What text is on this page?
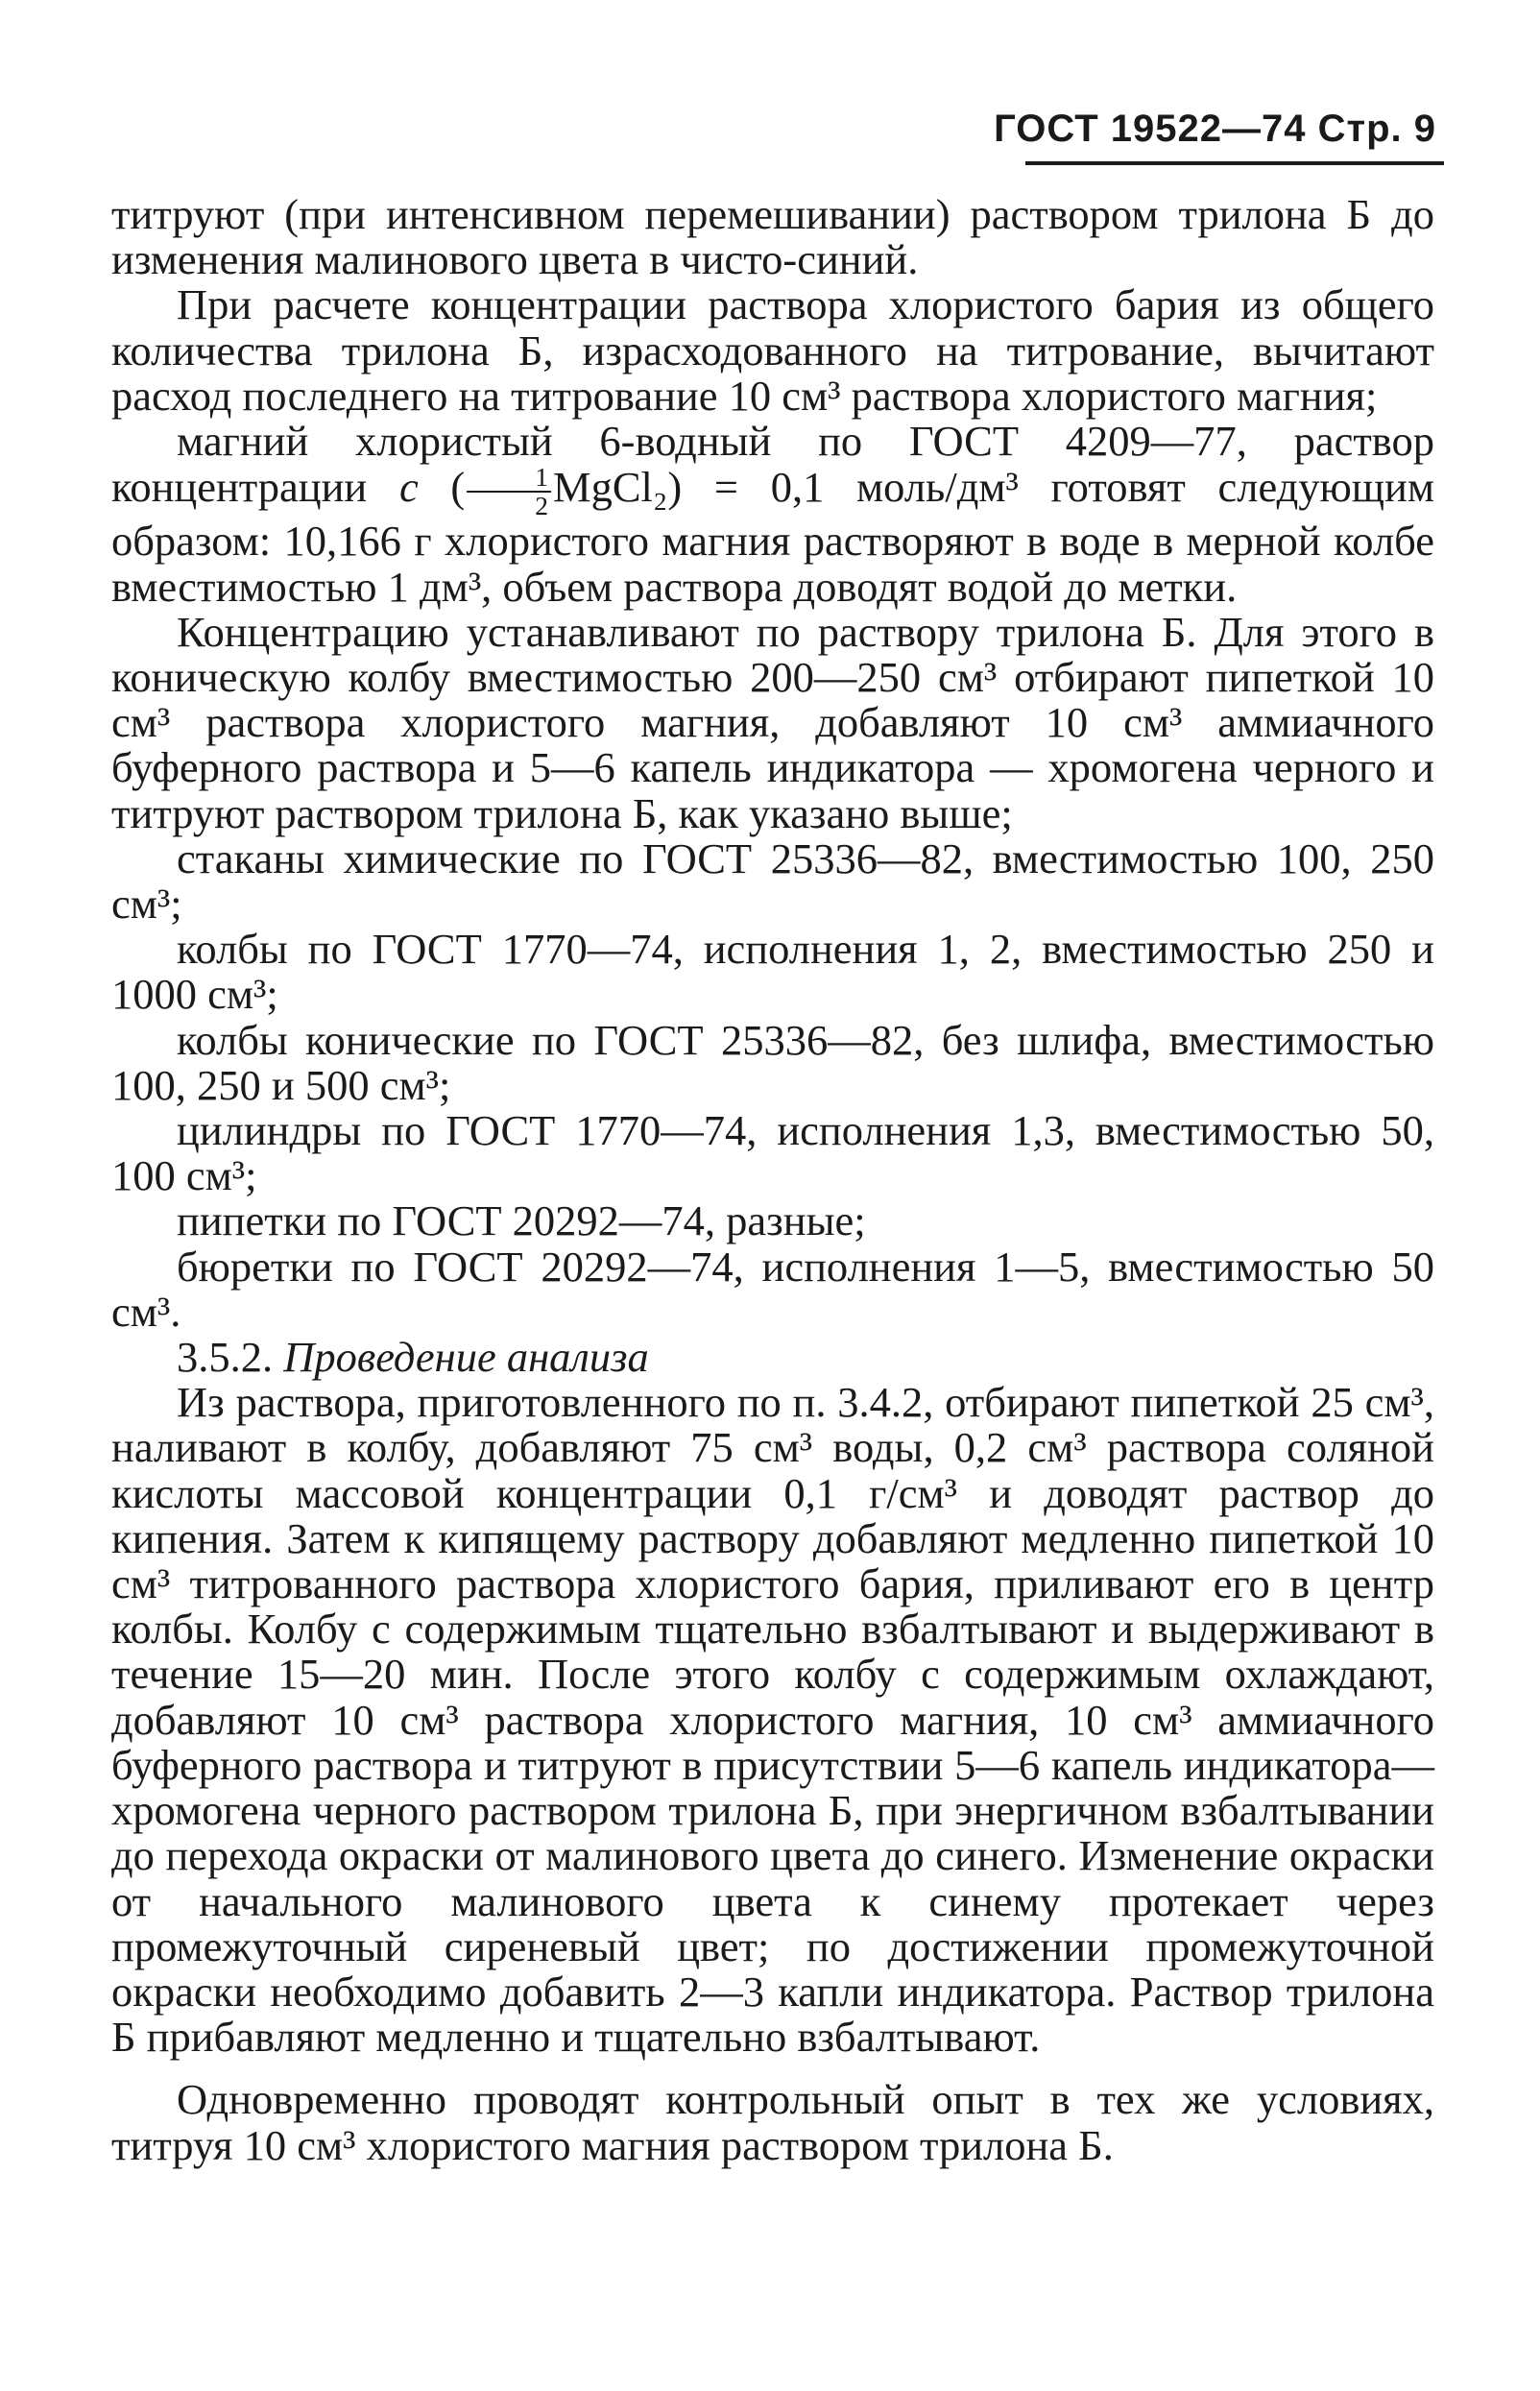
ГОСТ 19522—74 Стр. 9

титруют (при интенсивном перемешивании) раствором трилона Б до изменения малинового цвета в чисто-синий.

При расчете концентрации раствора хлористого бария из общего количества трилона Б, израсходованного на титрование, вычитают расход последнего на титрование 10 см³ раствора хлористого магния;

магний хлористый 6-водный по ГОСТ 4209—77, раствор концентрации c ( $\frac{1}{2}$ MgCl₂) = 0,1 моль/дм³ готовят следующим образом: 10,166 г хлористого магния растворяют в воде в мерной колбе вместимостью 1 дм³, объем раствора доводят водой до метки.

Концентрацию устанавливают по раствору трилона Б. Для этого в коническую колбу вместимостью 200—250 см³ отбирают пипеткой 10 см³ раствора хлористого магния, добавляют 10 см³ аммиачного буферного раствора и 5—6 капель индикатора — хромогена черного и титруют раствором трилона Б, как указано выше;

стаканы химические по ГОСТ 25336—82, вместимостью 100, 250 см³;

колбы по ГОСТ 1770—74, исполнения 1, 2, вместимостью 250 и 1000 см³;

колбы конические по ГОСТ 25336—82, без шлифа, вместимостью 100, 250 и 500 см³;

цилиндры по ГОСТ 1770—74, исполнения 1,3, вместимостью 50, 100 см³;

пипетки по ГОСТ 20292—74, разные;

бюретки по ГОСТ 20292—74, исполнения 1—5, вместимостью 50 см³.

3.5.2. Проведение анализа

Из раствора, приготовленного по п. 3.4.2, отбирают пипеткой 25 см³, наливают в колбу, добавляют 75 см³ воды, 0,2 см³ раствора соляной кислоты массовой концентрации 0,1 г/см³ и доводят раствор до кипения. Затем к кипящему раствору добавляют медленно пипеткой 10 см³ титрованного раствора хлористого бария, приливают его в центр колбы. Колбу с содержимым тщательно взбалтывают и выдерживают в течение 15—20 мин. После этого колбу с содержимым охлаждают, добавляют 10 см³ раствора хлористого магния, 10 см³ аммиачного буферного раствора и титруют в присутствии 5—6 капель индикатора—хромогена черного раствором трилона Б, при энергичном взбалтывании до перехода окраски от малинового цвета до синего. Изменение окраски от начального малинового цвета к синему протекает через промежуточный сиреневый цвет; по достижении промежуточной окраски необходимо добавить 2—3 капли индикатора. Раствор трилона Б прибавляют медленно и тщательно взбалтывают.

Одновременно проводят контрольный опыт в тех же условиях, титруя 10 см³ хлористого магния раствором трилона Б.
